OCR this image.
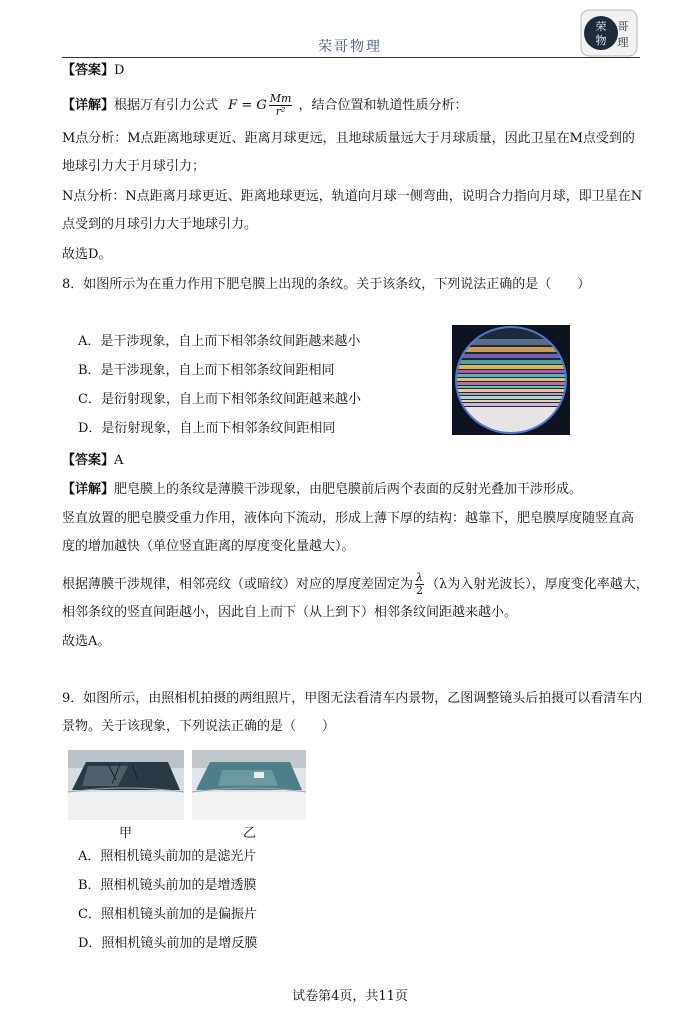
荣哥物理
荣
物
哥
理
【答案】D
【详解】根据万有引力公式 F = G $\frac{Mm}{\text{r²}}$ ，结合位置和轨道性质分析：
M点分析：M点距离地球更近、距离月球更远，且地球质量远大于月球质量，因此卫星在M点受到的
地球引力大于月球引力；
N点分析：N点距离月球更近、距离地球更远，轨道向月球一侧弯曲，说明合力指向月球，即卫星在N
点受到的月球引力大于地球引力。
故选D。
8．如图所示为在重力作用下肥皂膜上出现的条纹。关于该条纹，下列说法正确的是（　　）
A．是干涉现象，自上而下相邻条纹间距越来越小
B．是干涉现象，自上而下相邻条纹间距相同
C．是衍射现象，自上而下相邻条纹间距越来越小
D．是衍射现象，自上而下相邻条纹间距相同
【答案】A
【详解】肥皂膜上的条纹是薄膜干涉现象，由肥皂膜前后两个表面的反射光叠加干涉形成。
竖直放置的肥皂膜受重力作用，液体向下流动，形成上薄下厚的结构：越靠下，肥皂膜厚度随竖直高
度的增加越快（单位竖直距离的厚度变化量越大）。
根据薄膜干涉规律，相邻亮纹（或暗纹）对应的厚度差固定为 $\frac{\lambda}{2} (\lambda$为入射光波长），厚度变化率越大，
相邻条纹的竖直间距越小，因此自上而下（从上到下）相邻条纹间距越来越小。
故选A。
9．如图所示，由照相机拍摄的两组照片，甲图无法看清车内景物，乙图调整镜头后拍摄可以看清车内
景物。关于该现象，下列说法正确的是（　　）
甲	乙
A．照相机镜头前加的是滤光片
B．照相机镜头前加的是增透膜
C．照相机镜头前加的是偏振片
D．照相机镜头前加的是增反膜
试卷第4页，共11页
